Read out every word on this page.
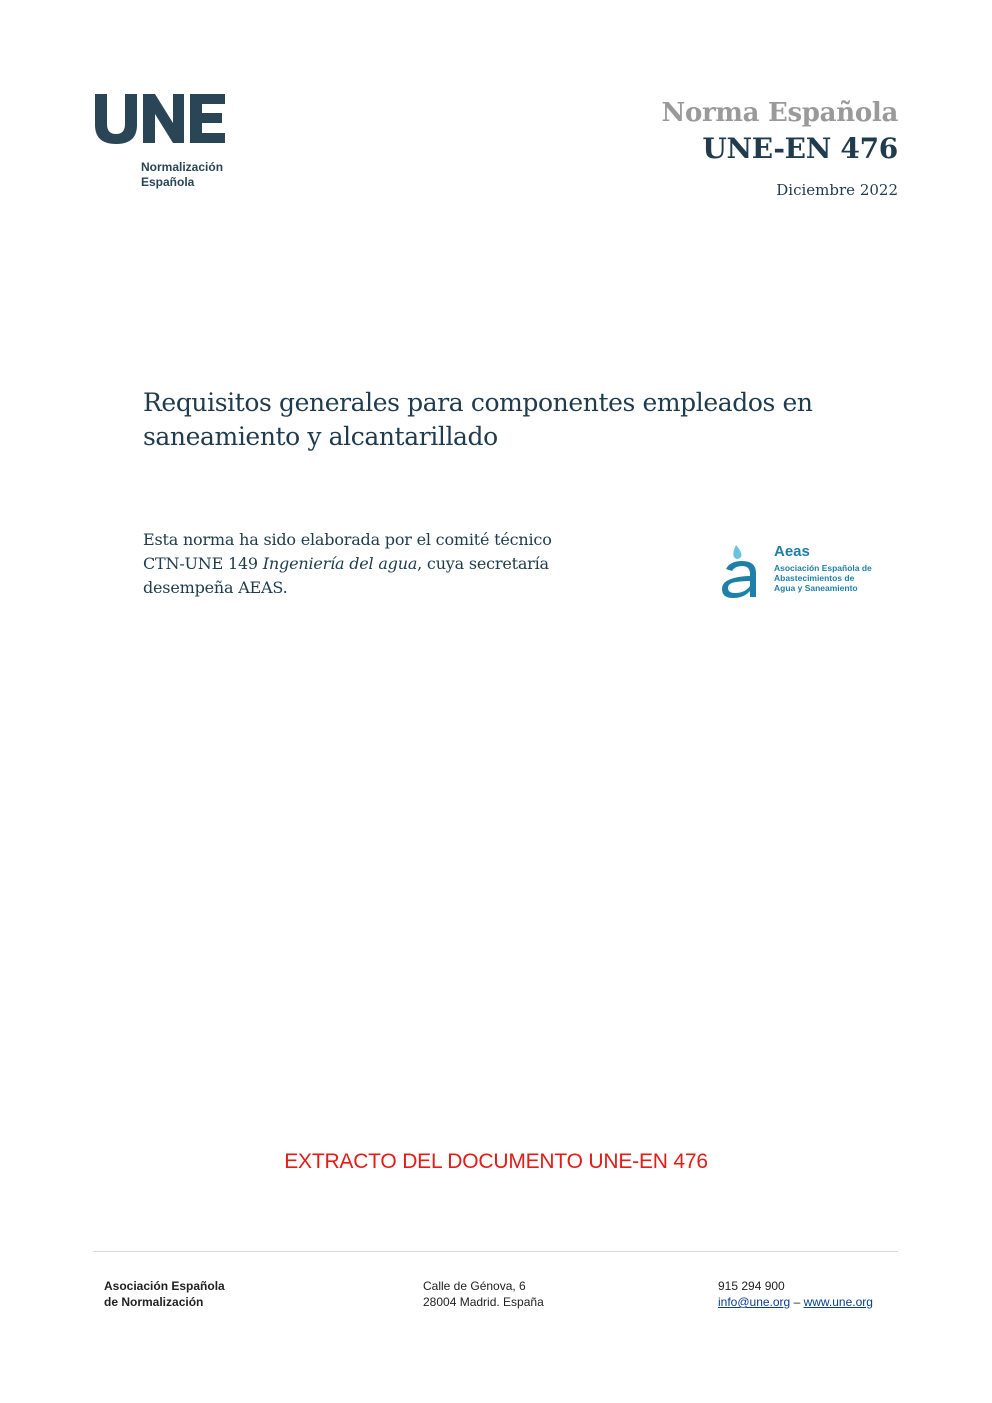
Normalización
Española
Norma Española
UNE-EN 476
Diciembre 2022
Requisitos generales para componentes empleados en
saneamiento y alcantarillado
Esta norma ha sido elaborada por el comité técnico
CTN-UNE 149 Ingeniería del agua, cuya secretaría
desempeña AEAS.
Aeas
Asociación Española de
Abastecimientos de
Agua y Saneamiento
EXTRACTO DEL DOCUMENTO UNE-EN 476
Asociación Española
de Normalización
Calle de Génova, 6
28004 Madrid. España
915 294 900
info@une.org – www.une.org
